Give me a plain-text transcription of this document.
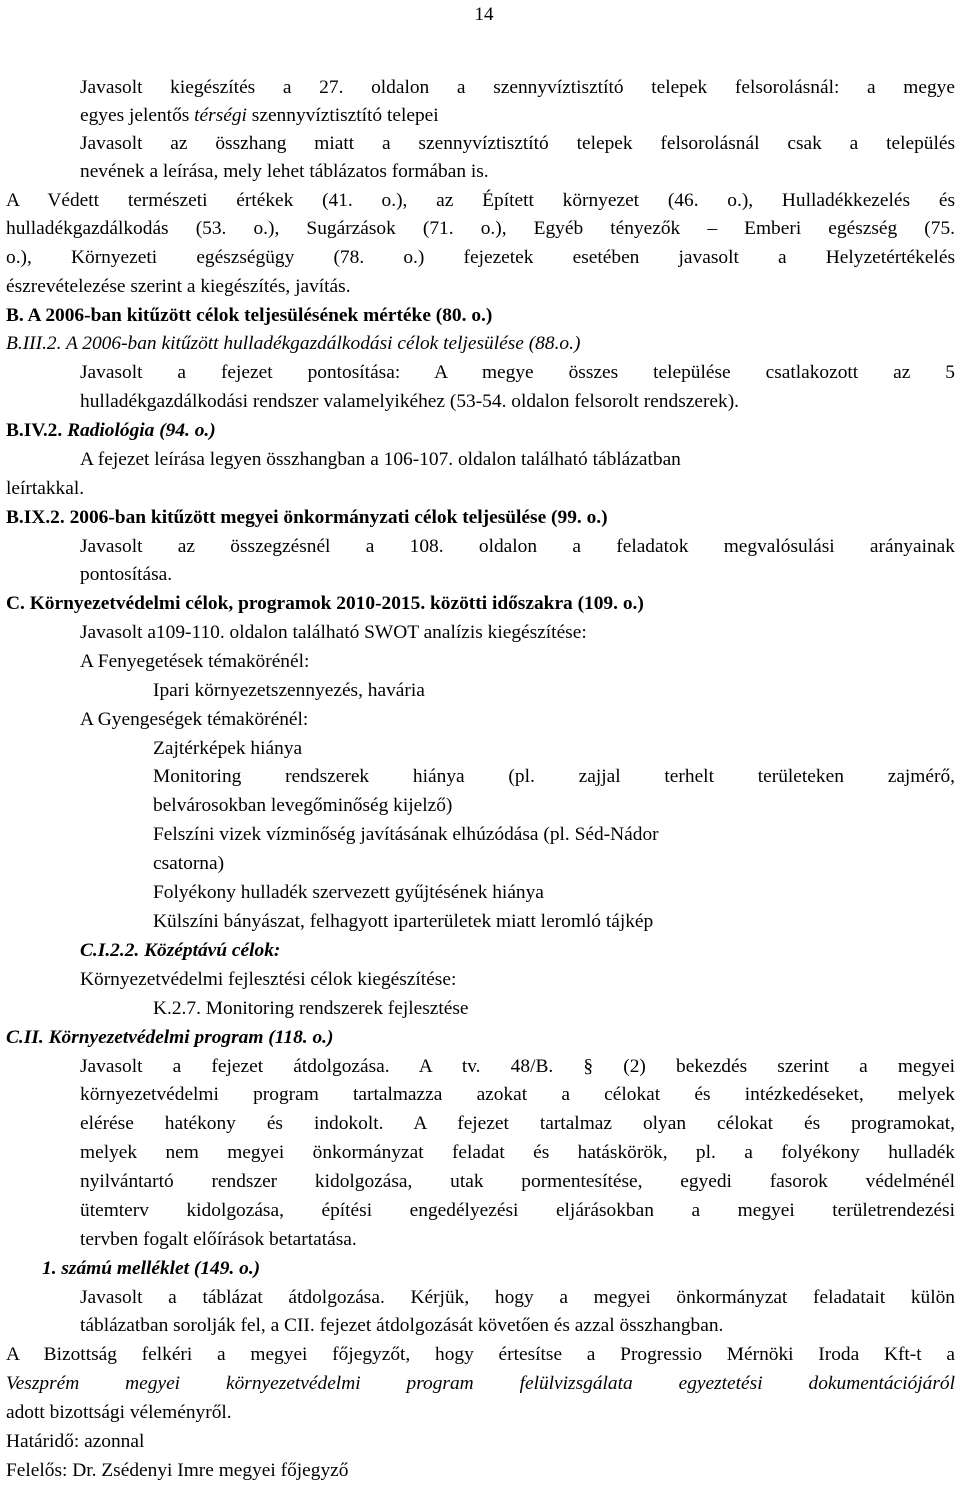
14
Javasolt kiegészítés a 27. oldalon a szennyvíztisztító telepek felsorolásnál: a megye
egyes jelentős térségi szennyvíztisztító telepei
Javasolt az összhang miatt a szennyvíztisztító telepek felsorolásnál csak a település
nevének a leírása, mely lehet táblázatos formában is.
A Védett természeti értékek (41. o.), az Épített környezet (46. o.), Hulladékkezelés és
hulladékgazdálkodás (53. o.), Sugárzások (71. o.), Egyéb tényezők – Emberi egészség (75.
o.), Környezeti egészségügy (78. o.) fejezetek esetében javasolt a Helyzetértékelés
észrevételezése szerint a kiegészítés, javítás.
B. A 2006-ban kitűzött célok teljesülésének mértéke (80. o.)
B.III.2. A 2006-ban kitűzött hulladékgazdálkodási célok teljesülése (88.o.)
Javasolt a fejezet pontosítása: A megye összes települése csatlakozott az 5
hulladékgazdálkodási rendszer valamelyikéhez (53-54. oldalon felsorolt rendszerek).
B.IV.2. Radiológia (94. o.)
A fejezet leírása legyen összhangban a 106-107. oldalon található táblázatban
leírtakkal.
B.IX.2. 2006-ban kitűzött megyei önkormányzati célok teljesülése (99. o.)
Javasolt az összegzésnél a 108. oldalon a feladatok megvalósulási arányainak
pontosítása.
C. Környezetvédelmi célok, programok 2010-2015. közötti időszakra (109. o.)
Javasolt a109-110. oldalon található SWOT analízis kiegészítése:
A Fenyegetések témakörénél:
Ipari környezetszennyezés, havária
A Gyengeségek témakörénél:
Zajtérképek hiánya
Monitoring rendszerek hiánya (pl. zajjal terhelt területeken zajmérő,
belvárosokban levegőminőség kijelző)
Felszíni vizek vízminőség javításának elhúzódása (pl. Séd-Nádor
csatorna)
Folyékony hulladék szervezett gyűjtésének hiánya
Külszíni bányászat, felhagyott iparterületek miatt leromló tájkép
C.I.2.2. Középtávú célok:
Környezetvédelmi fejlesztési célok kiegészítése:
K.2.7. Monitoring rendszerek fejlesztése
C.II. Környezetvédelmi program (118. o.)
Javasolt a fejezet átdolgozása. A tv. 48/B. § (2) bekezdés szerint a megyei
környezetvédelmi program tartalmazza azokat a célokat és intézkedéseket, melyek
elérése hatékony és indokolt. A fejezet tartalmaz olyan célokat és programokat,
melyek nem megyei önkormányzat feladat és hatáskörök, pl. a folyékony hulladék
nyilvántartó rendszer kidolgozása, utak pormentesítése, egyedi fasorok védelménél
ütemterv kidolgozása, építési engedélyezési eljárásokban a megyei területrendezési
tervben fogalt előírások betartatása.
1. számú melléklet (149. o.)
Javasolt a táblázat átdolgozása. Kérjük, hogy a megyei önkormányzat feladatait külön
táblázatban sorolják fel, a CII. fejezet átdolgozását követően és azzal összhangban.
A Bizottság felkéri a megyei főjegyzőt, hogy értesítse a Progressio Mérnöki Iroda Kft-t a
Veszprém megyei környezetvédelmi program felülvizsgálata egyeztetési dokumentációjáról
adott bizottsági véleményről.
Határidő: azonnal
Felelős: Dr. Zsédenyi Imre megyei főjegyző
